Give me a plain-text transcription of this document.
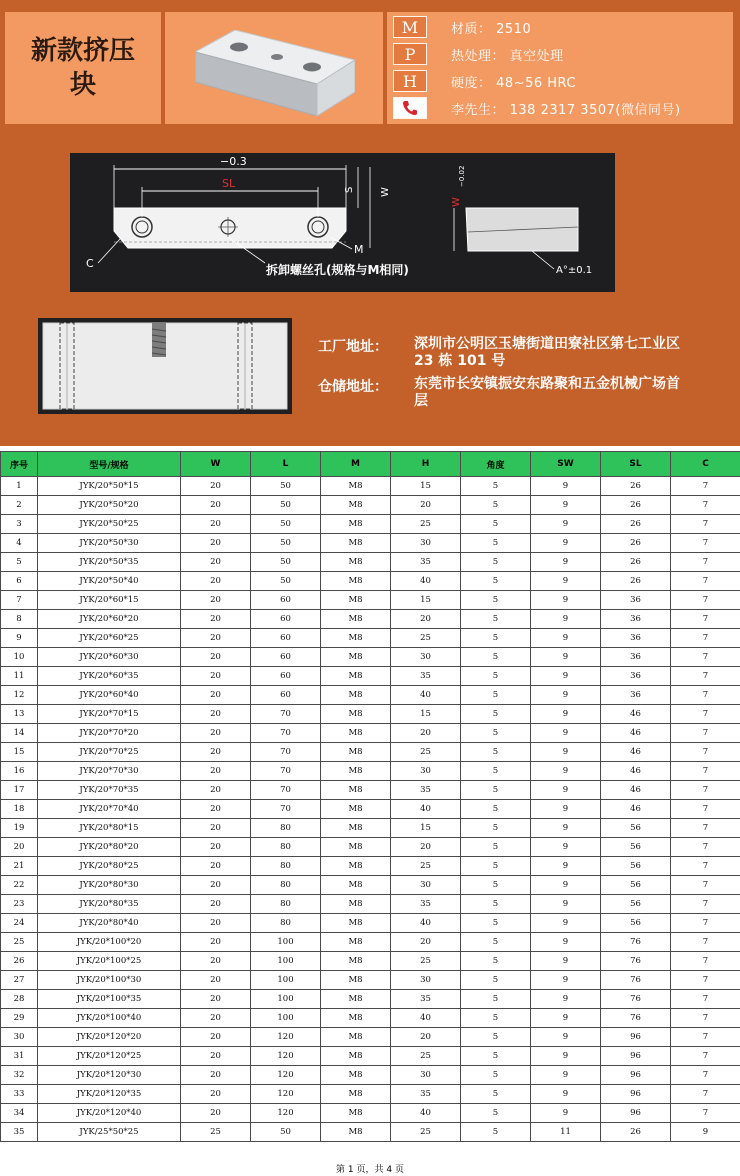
新款挤压块
M	材质： 2510
P	热处理： 真空处理
H	硬度： 48~56 HRC
李先生： 138 2317 3507(微信同号)
−0.3
SL	S	W
C
M
拆卸螺丝孔(规格与M相同)
W
−0.02
A°±0.1
工厂地址：	深圳市公明区玉塘街道田寮社区第七工业区 23 栋 101 号
仓储地址：	东莞市长安镇振安东路聚和五金机械广场首层
序号	型号/规格	W	L	M	H	角度	SW	SL	C
1	JYK/20*50*15	20	50	M8	15	5	9	26	7
2	JYK/20*50*20	20	50	M8	20	5	9	26	7
3	JYK/20*50*25	20	50	M8	25	5	9	26	7
4	JYK/20*50*30	20	50	M8	30	5	9	26	7
5	JYK/20*50*35	20	50	M8	35	5	9	26	7
6	JYK/20*50*40	20	50	M8	40	5	9	26	7
7	JYK/20*60*15	20	60	M8	15	5	9	36	7
8	JYK/20*60*20	20	60	M8	20	5	9	36	7
9	JYK/20*60*25	20	60	M8	25	5	9	36	7
10	JYK/20*60*30	20	60	M8	30	5	9	36	7
11	JYK/20*60*35	20	60	M8	35	5	9	36	7
12	JYK/20*60*40	20	60	M8	40	5	9	36	7
13	JYK/20*70*15	20	70	M8	15	5	9	46	7
14	JYK/20*70*20	20	70	M8	20	5	9	46	7
15	JYK/20*70*25	20	70	M8	25	5	9	46	7
16	JYK/20*70*30	20	70	M8	30	5	9	46	7
17	JYK/20*70*35	20	70	M8	35	5	9	46	7
18	JYK/20*70*40	20	70	M8	40	5	9	46	7
19	JYK/20*80*15	20	80	M8	15	5	9	56	7
20	JYK/20*80*20	20	80	M8	20	5	9	56	7
21	JYK/20*80*25	20	80	M8	25	5	9	56	7
22	JYK/20*80*30	20	80	M8	30	5	9	56	7
23	JYK/20*80*35	20	80	M8	35	5	9	56	7
24	JYK/20*80*40	20	80	M8	40	5	9	56	7
25	JYK/20*100*20	20	100	M8	20	5	9	76	7
26	JYK/20*100*25	20	100	M8	25	5	9	76	7
27	JYK/20*100*30	20	100	M8	30	5	9	76	7
28	JYK/20*100*35	20	100	M8	35	5	9	76	7
29	JYK/20*100*40	20	100	M8	40	5	9	76	7
30	JYK/20*120*20	20	120	M8	20	5	9	96	7
31	JYK/20*120*25	20	120	M8	25	5	9	96	7
32	JYK/20*120*30	20	120	M8	30	5	9	96	7
33	JYK/20*120*35	20	120	M8	35	5	9	96	7
34	JYK/20*120*40	20	120	M8	40	5	9	96	7
35	JYK/25*50*25	25	50	M8	25	5	11	26	9
第 1 页，共 4 页
